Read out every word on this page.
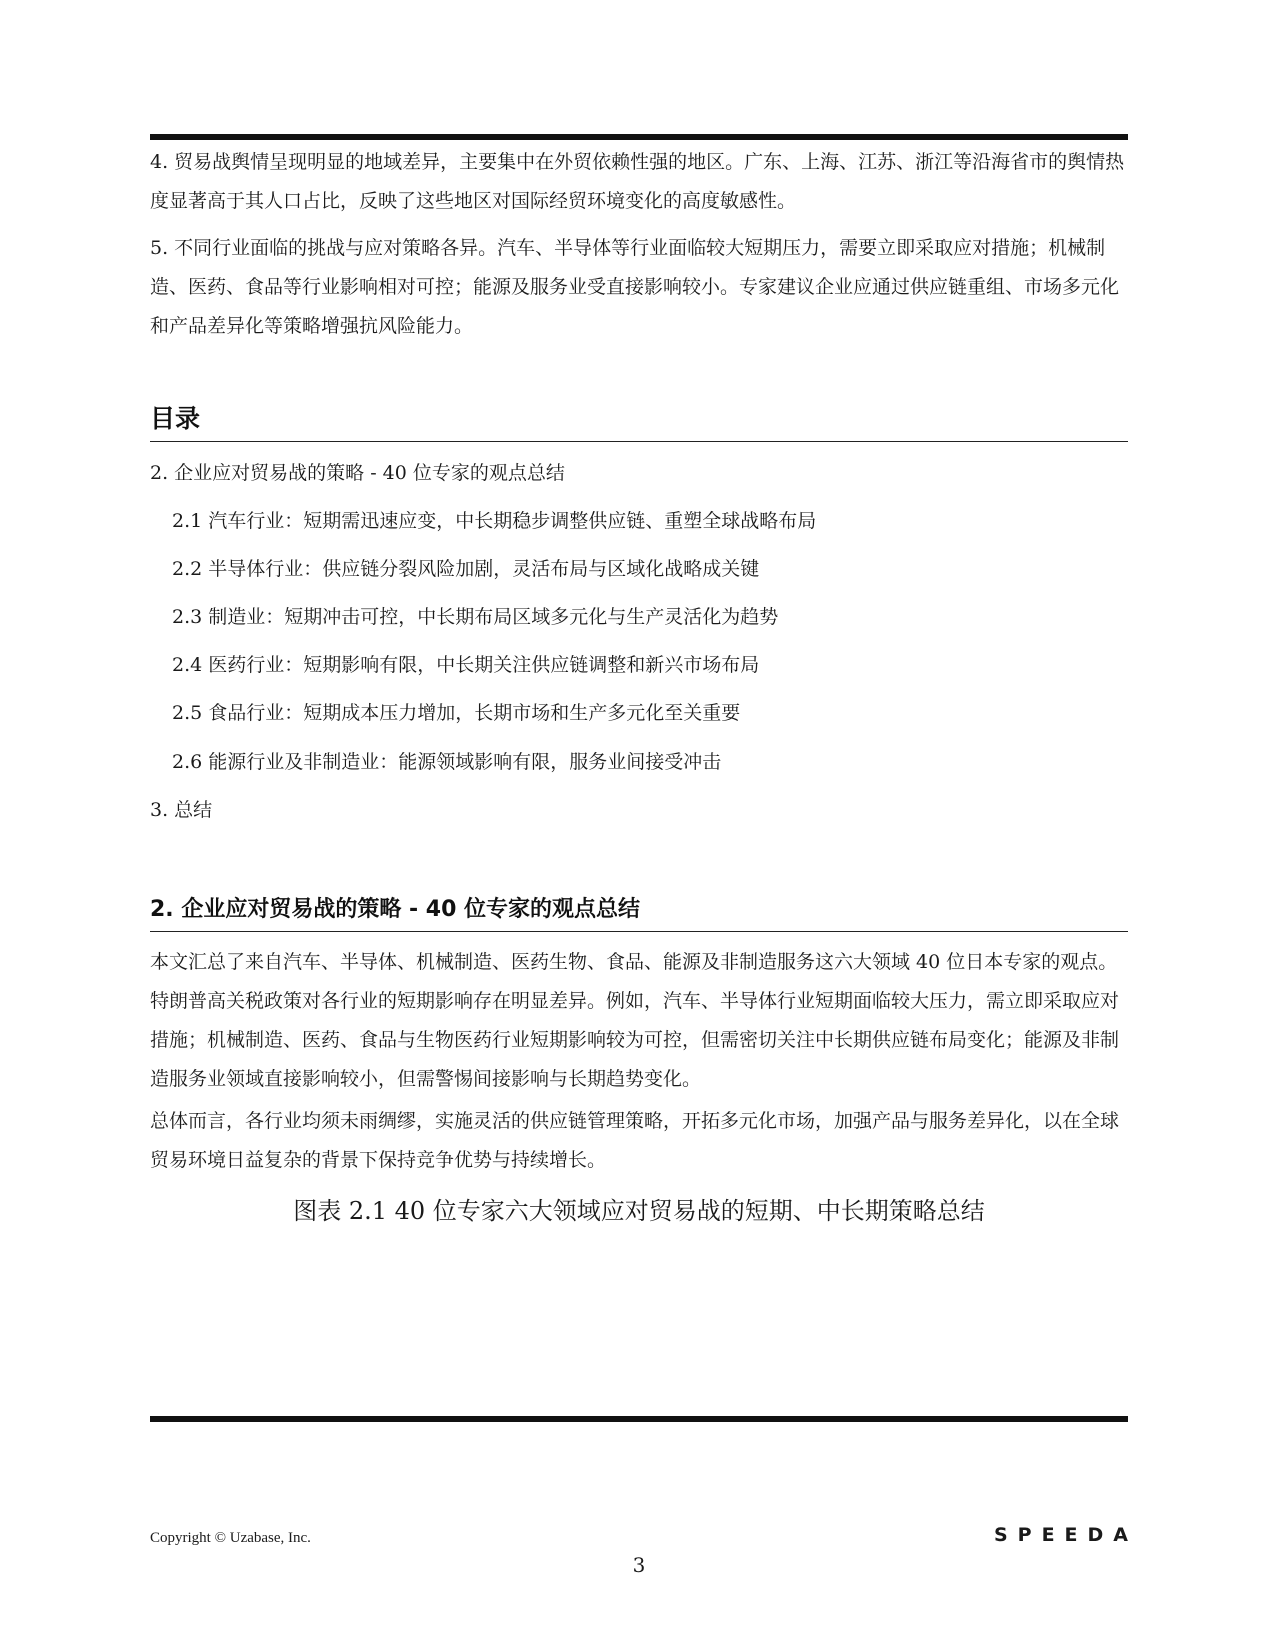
4. 贸易战舆情呈现明显的地域差异，主要集中在外贸依赖性强的地区。广东、上海、江苏、浙江等沿海省市的舆情热度显著高于其人口占比，反映了这些地区对国际经贸环境变化的高度敏感性。

5. 不同行业面临的挑战与应对策略各异。汽车、半导体等行业面临较大短期压力，需要立即采取应对措施；机械制造、医药、食品等行业影响相对可控；能源及服务业受直接影响较小。专家建议企业应通过供应链重组、市场多元化和产品差异化等策略增强抗风险能力。

目录
2. 企业应对贸易战的策略 - 40 位专家的观点总结
2.1 汽车行业：短期需迅速应变，中长期稳步调整供应链、重塑全球战略布局
2.2 半导体行业：供应链分裂风险加剧，灵活布局与区域化战略成关键
2.3 制造业：短期冲击可控，中长期布局区域多元化与生产灵活化为趋势
2.4 医药行业：短期影响有限，中长期关注供应链调整和新兴市场布局
2.5 食品行业：短期成本压力增加，长期市场和生产多元化至关重要
2.6 能源行业及非制造业：能源领域影响有限，服务业间接受冲击
3. 总结
2. 企业应对贸易战的策略 - 40 位专家的观点总结

本文汇总了来自汽车、半导体、机械制造、医药生物、食品、能源及非制造服务这六大领域 40 位日本专家的观点。特朗普高关税政策对各行业的短期影响存在明显差异。例如，汽车、半导体行业短期面临较大压力，需立即采取应对措施；机械制造、医药、食品与生物医药行业短期影响较为可控，但需密切关注中长期供应链布局变化；能源及非制造服务业领域直接影响较小，但需警惕间接影响与长期趋势变化。

总体而言，各行业均须未雨绸缪，实施灵活的供应链管理策略，开拓多元化市场，加强产品与服务差异化，以在全球贸易环境日益复杂的背景下保持竞争优势与持续增长。

图表 2.1 40 位专家六大领域应对贸易战的短期、中长期策略总结
Copyright © Uzabase, Inc.	SPEEDA
3
